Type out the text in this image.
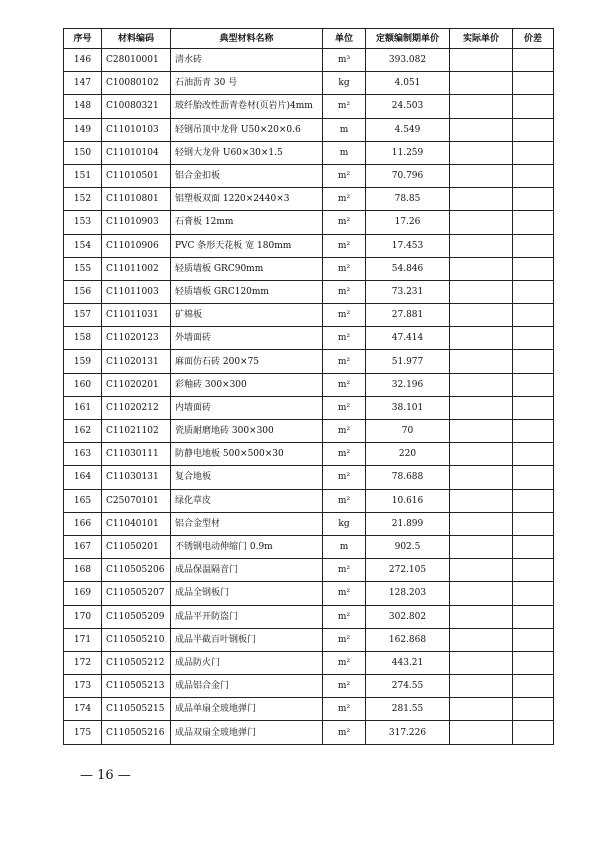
序号	材料编码	典型材料名称	单位	定额编制期单价	实际单价	价差
146	C28010001	清水砖	m³	393.082		
147	C10080102	石油沥青 30 号	kg	4.051		
148	C10080321	玻纤胎改性沥青卷材(页岩片)4mm	m²	24.503		
149	C11010103	轻钢吊顶中龙骨 U50×20×0.6	m	4.549		
150	C11010104	轻钢大龙骨 U60×30×1.5	m	11.259		
151	C11010501	铝合金扣板	m²	70.796		
152	C11010801	铝塑板双面 1220×2440×3	m²	78.85		
153	C11010903	石膏板 12mm	m²	17.26		
154	C11010906	PVC 条形天花板 宽 180mm	m²	17.453		
155	C11011002	轻质墙板 GRC90mm	m²	54.846		
156	C11011003	轻质墙板 GRC120mm	m²	73.231		
157	C11011031	矿棉板	m²	27.881		
158	C11020123	外墙面砖	m²	47.414		
159	C11020131	麻面仿石砖 200×75	m²	51.977		
160	C11020201	彩釉砖 300×300	m²	32.196		
161	C11020212	内墙面砖	m²	38.101		
162	C11021102	瓷质耐磨地砖 300×300	m²	70		
163	C11030111	防静电地板 500×500×30	m²	220		
164	C11030131	复合地板	m²	78.688		
165	C25070101	绿化草皮	m²	10.616		
166	C11040101	铝合金型材	kg	21.899		
167	C11050201	不锈钢电动伸缩门 0.9m	m	902.5		
168	C110505206	成品保温隔音门	m²	272.105		
169	C110505207	成品全钢板门	m²	128.203		
170	C110505209	成品平开防盗门	m²	302.802		
171	C110505210	成品半截百叶钢板门	m²	162.868		
172	C110505212	成品防火门	m²	443.21		
173	C110505213	成品铝合金门	m²	274.55		
174	C110505215	成品单扇全玻地弹门	m²	281.55		
175	C110505216	成品双扇全玻地弹门	m²	317.226		
— 16 —
